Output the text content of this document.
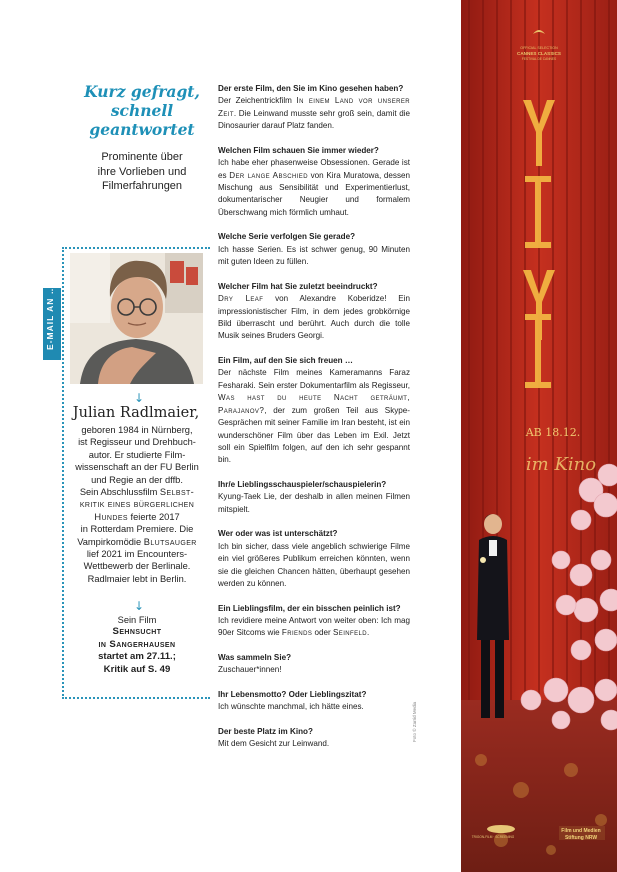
Kurz gefragt,
schnell
geantwortet
Prominente über
ihre Vorlieben und
Filmerfahrungen
E-MAIL AN …
↓
Julian Radlmaier,
geboren 1984 in Nürnberg,
ist Regisseur und Drehbuch-
autor. Er studierte Film-
wissenschaft an der FU Berlin
und Regie an der dffb.
Sein Abschlussfilm Selbst-
kritik eines bürgerlichen
Hundes feierte 2017
in Rotterdam Premiere. Die
Vampirkomödie Blutsauger
lief 2021 im Encounters-
Wettbewerb der Berlinale.
Radlmaier lebt in Berlin.
↓
Sein Film
Sehnsucht
in Sangerhausen
startet am 27.11.;
Kritik auf S. 49
Der erste Film, den Sie im Kino gesehen haben?
Der Zeichentrickfilm In einem Land vor unserer Zeit. Die Leinwand musste sehr groß sein, damit die Dinosaurier darauf Platz fanden.
Welchen Film schauen Sie immer wieder?
Ich habe eher phasenweise Obsessionen. Gerade ist es Der lange Abschied von Kira Muratowa, dessen Mischung aus Sensibilität und Experimentierlust, dokumentarischer Neugier und formalem Überschwang mich förmlich umhaut.
Welche Serie verfolgen Sie gerade?
Ich hasse Serien. Es ist schwer genug, 90 Minuten mit guten Ideen zu füllen.
Welcher Film hat Sie zuletzt beeindruckt?
Dry Leaf von Alexandre Koberidze! Ein impressionistischer Film, in dem jedes grobkörnige Bild überrascht und berührt. Auch durch die tolle Musik seines Bruders Georgi.
Ein Film, auf den Sie sich freuen …
Der nächste Film meines Kameramanns Faraz Fesharaki. Sein erster Dokumentarfilm als Regisseur, Was hast du heute Nacht geträumt, Parajanov?, der zum großen Teil aus Skype-Gesprächen mit seiner Familie im Iran besteht, ist ein wunderschöner Film über das Leben im Exil. Jetzt soll ein Spielfilm folgen, auf den ich sehr gespannt bin.
Ihr/e Lieblingsschauspieler/schauspielerin?
Kyung-Taek Lie, der deshalb in allen meinen Filmen mitspielt.
Wer oder was ist unterschätzt?
Ich bin sicher, dass viele angeblich schwierige Filme ein viel größeres Publikum erreichen könnten, wenn sie die gleichen Chancen hätten, überhaupt gesehen werden zu können.
Ein Lieblingsfilm, der ein bisschen peinlich ist?
Ich revidiere meine Antwort von weiter oben: Ich mag 90er Sitcoms wie Friends oder Seinfeld.
Was sammeln Sie?
Zuschauer*innen!
Ihr Lebensmotto? Oder Lieblingszitat?
Ich wünschte manchmal, ich hätte eines.
Der beste Platz im Kino?
Mit dem Gesicht zur Leinwand.
Foto © Zarrid Media
OFFICIAL SELECTION
CANNES CLASSICS
FESTIVAL DE CANNES
AB 18.12.
im Kino
TRIGON-FILM · SCREENING
Film und Medien
Stiftung NRW
